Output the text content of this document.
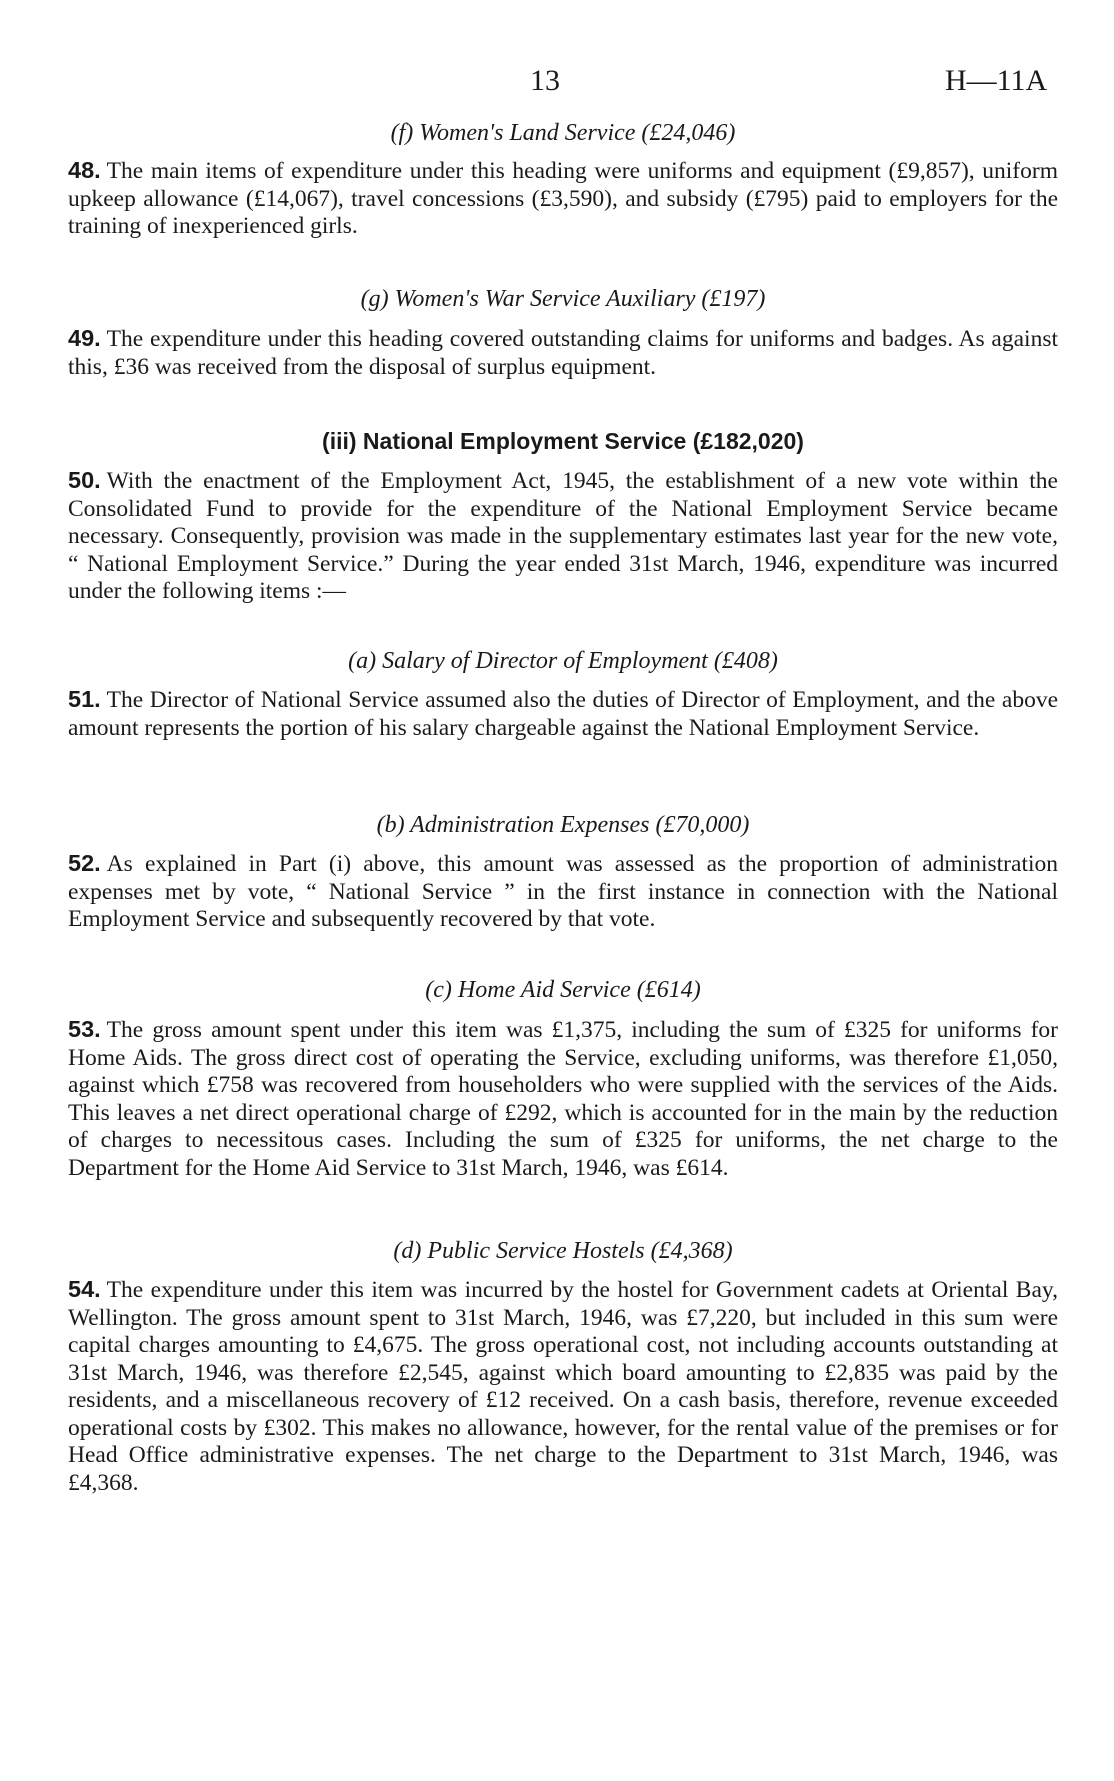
13	H—11A
(f) Women's Land Service (£24,046)

48. The main items of expenditure under this heading were uniforms and equipment (£9,857), uniform upkeep allowance (£14,067), travel concessions (£3,590), and subsidy (£795) paid to employers for the training of inexperienced girls.

(g) Women's War Service Auxiliary (£197)

49. The expenditure under this heading covered outstanding claims for uniforms and badges. As against this, £36 was received from the disposal of surplus equipment.

(iii) National Employment Service (£182,020)

50. With the enactment of the Employment Act, 1945, the establishment of a new vote within the Consolidated Fund to provide for the expenditure of the National Employment Service became necessary. Consequently, provision was made in the supplementary estimates last year for the new vote, “ National Employment Service.” During the year ended 31st March, 1946, expenditure was incurred under the following items :—

(a) Salary of Director of Employment (£408)

51. The Director of National Service assumed also the duties of Director of Employment, and the above amount represents the portion of his salary chargeable against the National Employment Service.

(b) Administration Expenses (£70,000)

52. As explained in Part (i) above, this amount was assessed as the proportion of administration expenses met by vote, “ National Service ” in the first instance in connection with the National Employment Service and subsequently recovered by that vote.

(c) Home Aid Service (£614)

53. The gross amount spent under this item was £1,375, including the sum of £325 for uniforms for Home Aids. The gross direct cost of operating the Service, excluding uniforms, was therefore £1,050, against which £758 was recovered from householders who were supplied with the services of the Aids. This leaves a net direct operational charge of £292, which is accounted for in the main by the reduction of charges to necessitous cases. Including the sum of £325 for uniforms, the net charge to the Department for the Home Aid Service to 31st March, 1946, was £614.

(d) Public Service Hostels (£4,368)

54. The expenditure under this item was incurred by the hostel for Government cadets at Oriental Bay, Wellington. The gross amount spent to 31st March, 1946, was £7,220, but included in this sum were capital charges amounting to £4,675. The gross operational cost, not including accounts outstanding at 31st March, 1946, was therefore £2,545, against which board amounting to £2,835 was paid by the residents, and a miscellaneous recovery of £12 received. On a cash basis, therefore, revenue exceeded operational costs by £302. This makes no allowance, however, for the rental value of the premises or for Head Office administrative expenses. The net charge to the Department to 31st March, 1946, was £4,368.
